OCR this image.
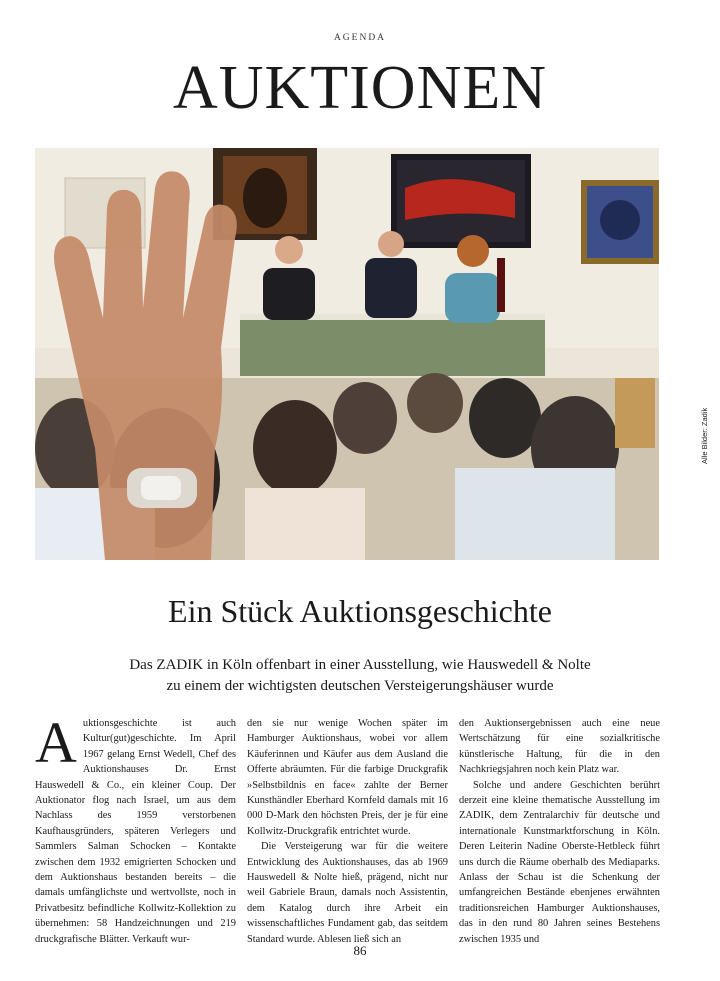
AGENDA
AUKTIONEN
Alle Bilder: Zadik
Ein Stück Auktionsgeschichte
Das ZADIK in Köln offenbart in einer Ausstellung, wie Hauswedell & Nolte
zu einem der wichtigsten deutschen Versteigerungshäuser wurde
A uktionsgeschichte ist auch Kultur(gut)geschichte. Im April 1967 gelang Ernst Wedell, Chef des Auktionshauses Dr. Ernst Hauswedell & Co., ein kleiner Coup. Der Auktionator flog nach Israel, um aus dem Nachlass des 1959 verstorbenen Kaufhausgründers, späteren Verlegers und Sammlers Salman Schocken – Kontakte zwischen dem 1932 emigrierten Schocken und dem Auktionshaus bestanden bereits – die damals umfänglichste und wertvollste, noch in Privatbesitz befindliche Kollwitz-Kollektion zu übernehmen: 58 Handzeichnungen und 219 druckgrafische Blätter. Verkauft wur-

den sie nur wenige Wochen später im Hamburger Auktionshaus, wobei vor allem Käuferinnen und Käufer aus dem Ausland die Offerte abräumten. Für die farbige Druckgrafik »Selbstbildnis en face« zahlte der Berner Kunsthändler Eberhard Kornfeld damals mit 16 000 D-Mark den höchsten Preis, der je für eine Kollwitz-Druckgrafik entrichtet wurde.

Die Versteigerung war für die weitere Entwicklung des Auktionshauses, das ab 1969 Hauswedell & Nolte hieß, prägend, nicht nur weil Gabriele Braun, damals noch Assistentin, dem Katalog durch ihre Arbeit ein wissenschaftliches Fundament gab, das seitdem Standard wurde. Ablesen ließ sich an

den Auktionsergebnissen auch eine neue Wertschätzung für eine sozialkritische künstlerische Haltung, für die in den Nachkriegsjahren noch kein Platz war.

Solche und andere Geschichten berührt derzeit eine kleine thematische Ausstellung im ZADIK, dem Zentralarchiv für deutsche und internationale Kunstmarktforschung in Köln. Deren Leiterin Nadine Oberste-Hetbleck führt uns durch die Räume oberhalb des Mediaparks. Anlass der Schau ist die Schenkung der umfangreichen Bestände ebenjenes erwähnten traditionsreichen Hamburger Auktionshauses, das in den rund 80 Jahren seines Bestehens zwischen 1935 und

86
